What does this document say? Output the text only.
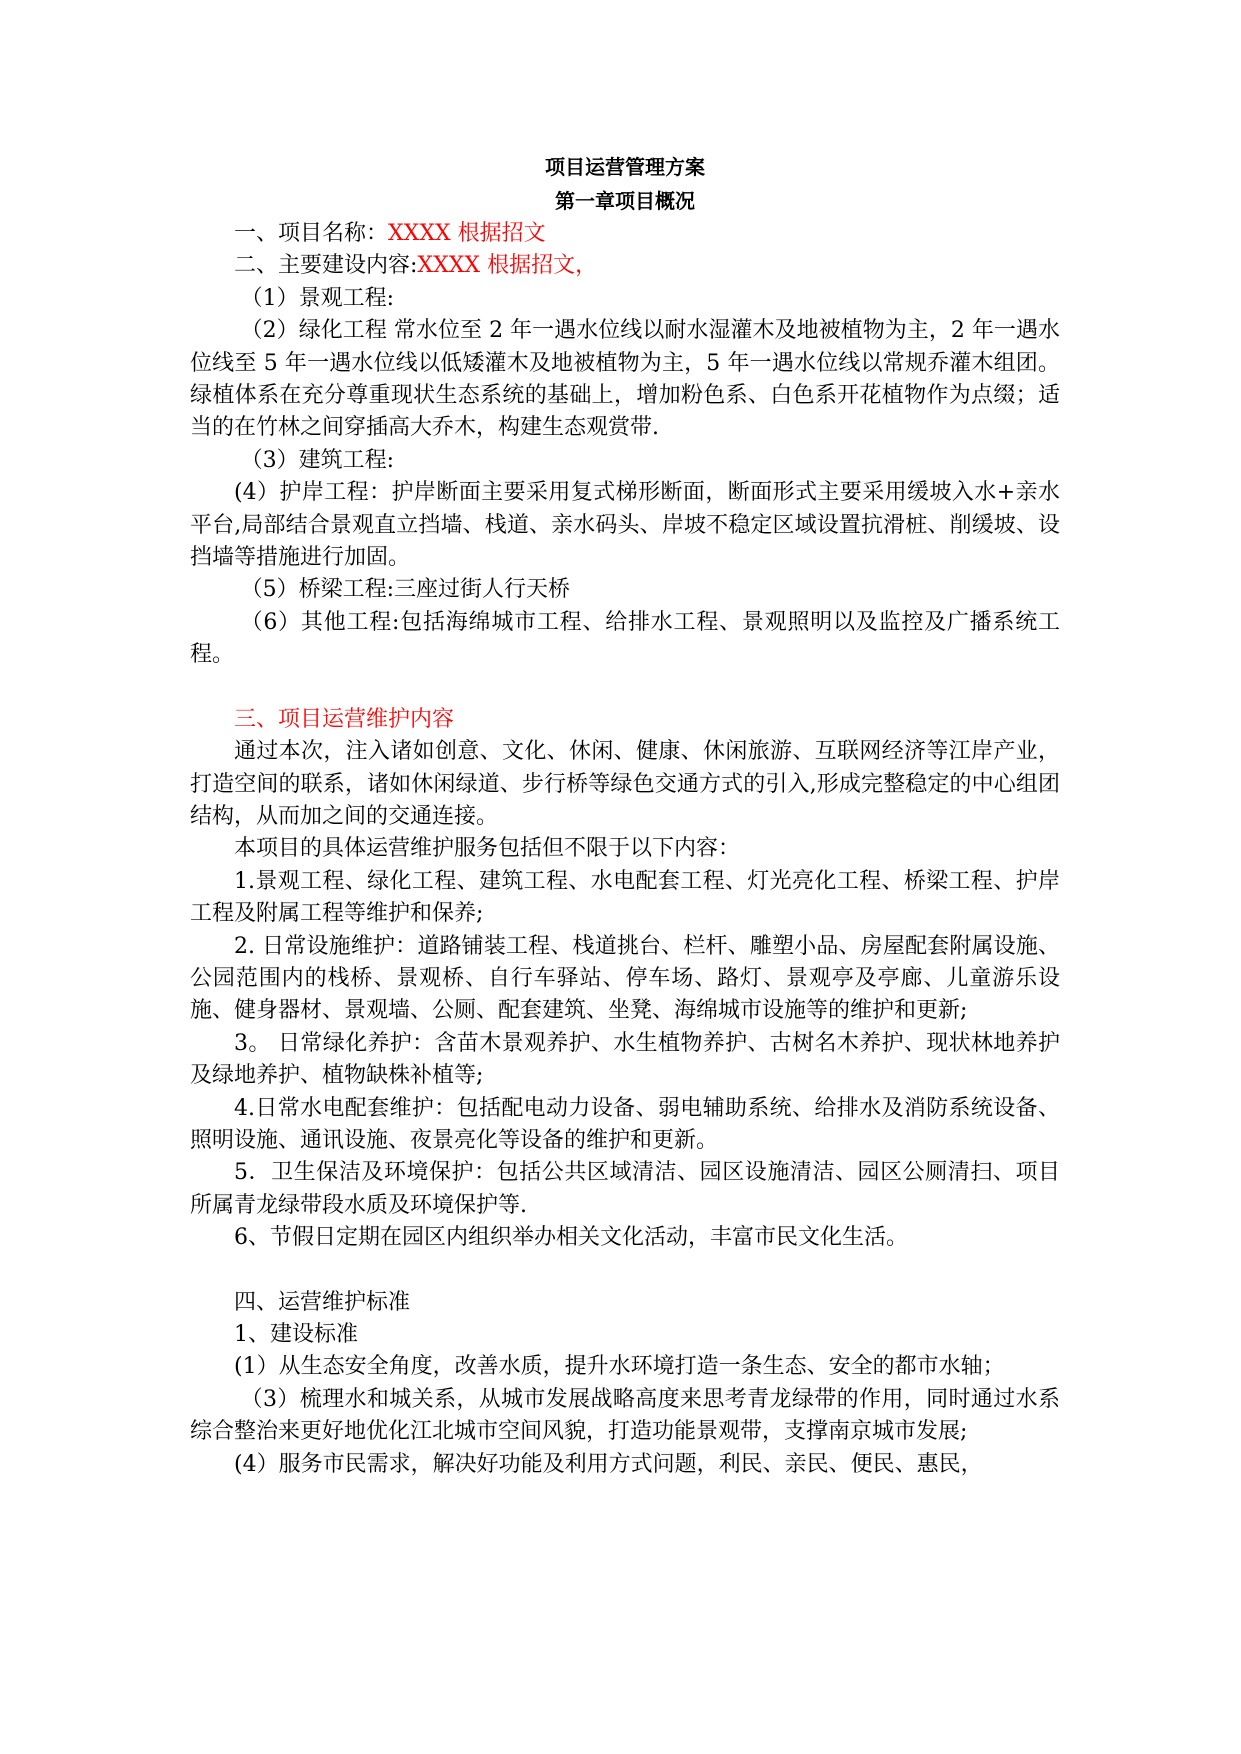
项目运营管理方案

第一章项目概况

一、项目名称：XXXX 根据招文

二、主要建设内容:XXXX 根据招文，

（1）景观工程:

（2）绿化工程 常水位至 2 年一遇水位线以耐水湿灌木及地被植物为主，2 年一遇水位线至 5 年一遇水位线以低矮灌木及地被植物为主，5 年一遇水位线以常规乔灌木组团。绿植体系在充分尊重现状生态系统的基础上，增加粉色系、白色系开花植物作为点缀；适当的在竹林之间穿插高大乔木，构建生态观赏带.

（3）建筑工程:

(4）护岸工程：护岸断面主要采用复式梯形断面，断面形式主要采用缓坡入水+亲水平台,局部结合景观直立挡墙、栈道、亲水码头、岸坡不稳定区域设置抗滑桩、削缓坡、设挡墙等措施进行加固。

（5）桥梁工程:三座过街人行天桥

（6）其他工程:包括海绵城市工程、给排水工程、景观照明以及监控及广播系统工程。

三、项目运营维护内容

通过本次，注入诸如创意、文化、休闲、健康、休闲旅游、互联网经济等江岸产业，打造空间的联系，诸如休闲绿道、步行桥等绿色交通方式的引入,形成完整稳定的中心组团结构，从而加之间的交通连接。

本项目的具体运营维护服务包括但不限于以下内容：

1.景观工程、绿化工程、建筑工程、水电配套工程、灯光亮化工程、桥梁工程、护岸工程及附属工程等维护和保养;

2. 日常设施维护：道路铺装工程、栈道挑台、栏杆、雕塑小品、房屋配套附属设施、公园范围内的栈桥、景观桥、自行车驿站、停车场、路灯、景观亭及亭廊、儿童游乐设施、健身器材、景观墙、公厕、配套建筑、坐凳、海绵城市设施等的维护和更新;

3。 日常绿化养护：含苗木景观养护、水生植物养护、古树名木养护、现状林地养护及绿地养护、植物缺株补植等;

4.日常水电配套维护：包括配电动力设备、弱电辅助系统、给排水及消防系统设备、照明设施、通讯设施、夜景亮化等设备的维护和更新。

5．卫生保洁及环境保护：包括公共区域清洁、园区设施清洁、园区公厕清扫、项目所属青龙绿带段水质及环境保护等.

6、节假日定期在园区内组织举办相关文化活动，丰富市民文化生活。

四、运营维护标准

1、建设标准

(1）从生态安全角度，改善水质，提升水环境打造一条生态、安全的都市水轴；

（3）梳理水和城关系，从城市发展战略高度来思考青龙绿带的作用，同时通过水系综合整治来更好地优化江北城市空间风貌，打造功能景观带，支撑南京城市发展;

(4）服务市民需求，解决好功能及利用方式问题，利民、亲民、便民、惠民，
